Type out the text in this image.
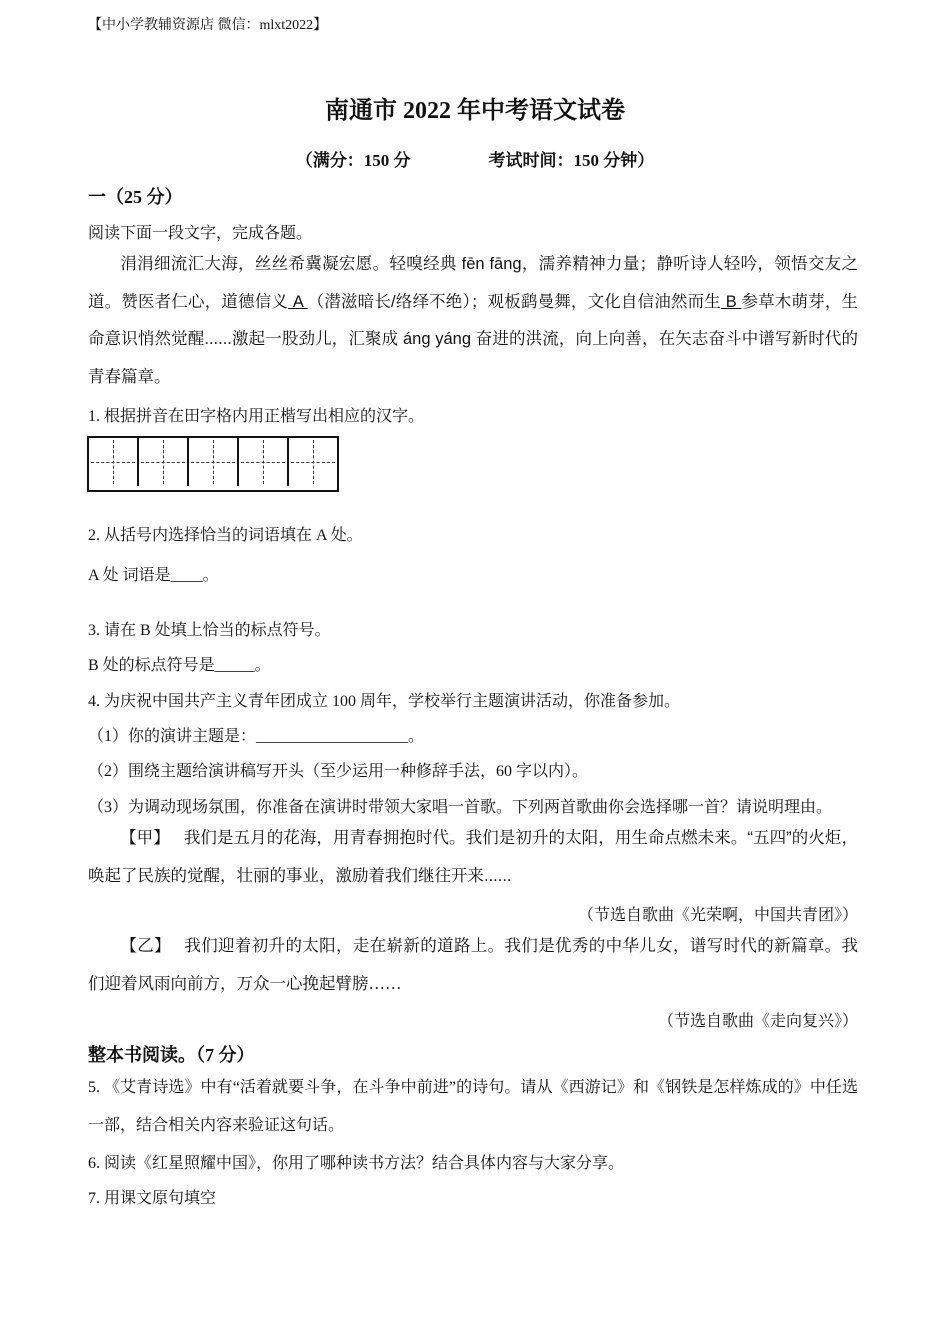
【中小学教辅资源店 微信：mlxt2022】
南通市 2022 年中考语文试卷
（满分：150 分	考试时间：150 分钟）
一（25 分）
阅读下面一段文字，完成各题。
涓涓细流汇大海，丝丝希冀凝宏愿。轻嗅经典 fēn fāng，濡养精神力量；静听诗人轻吟，领悟交友之道。赞医者仁心，道德信义 A （潜滋暗长/络绎不绝）；观板鹞曼舞，文化自信油然而生 B 参草木萌芽，生命意识悄然觉醒......激起一股劲儿，汇聚成 áng yáng 奋进的洪流，向上向善，在矢志奋斗中谱写新时代的青春篇章。
1. 根据拼音在田字格内用正楷写出相应的汉字。
2. 从括号内选择恰当的词语填在 A 处。
A 处 词语是____。
3. 请在 B 处填上恰当的标点符号。
B 处的标点符号是_____。
4. 为庆祝中国共产主义青年团成立 100 周年，学校举行主题演讲活动，你准备参加。
（1）你的演讲主题是：___________________。
（2）围绕主题给演讲稿写开头（至少运用一种修辞手法，60 字以内）。
（3）为调动现场氛围，你准备在演讲时带领大家唱一首歌。下列两首歌曲你会选择哪一首？请说明理由。
【甲】 我们是五月的花海，用青春拥抱时代。我们是初升的太阳，用生命点燃未来。“五四”的火炬，唤起了民族的觉醒，壮丽的事业，激励着我们继往开来......
（节选自歌曲《光荣啊，中国共青团》）
【乙】 我们迎着初升的太阳，走在崭新的道路上。我们是优秀的中华儿女，谱写时代的新篇章。我们迎着风雨向前方，万众一心挽起臂膀……
（节选自歌曲《走向复兴》）
整本书阅读。（7 分）
5. 《艾青诗选》中有“活着就要斗争，在斗争中前进”的诗句。请从《西游记》和《钢铁是怎样炼成的》中任选一部，结合相关内容来验证这句话。
6. 阅读《红星照耀中国》，你用了哪种读书方法？结合具体内容与大家分享。
7. 用课文原句填空
